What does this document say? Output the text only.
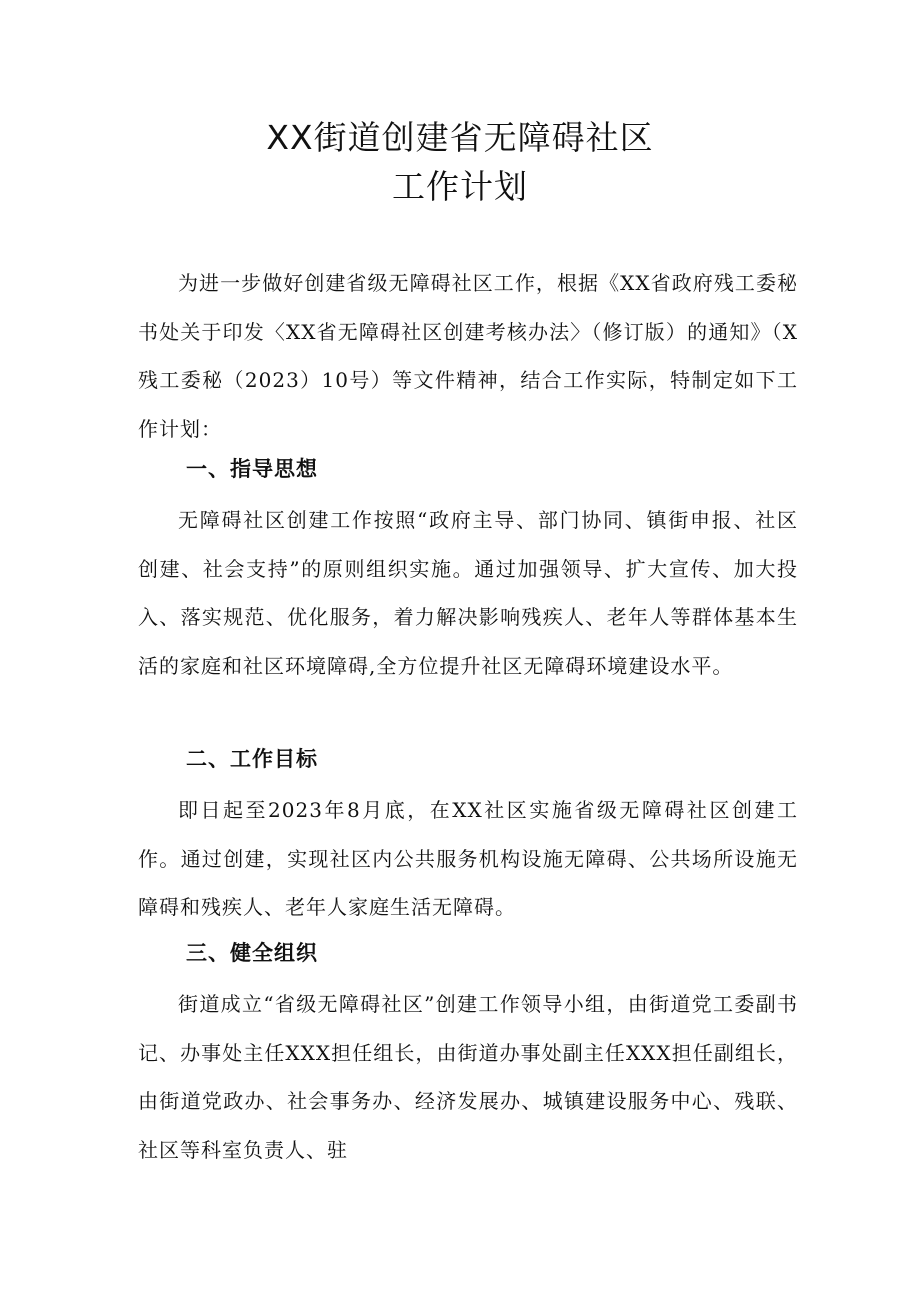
XX街道创建省无障碍社区
工作计划

为进一步做好创建省级无障碍社区工作，根据《XX省政府残工委秘书处关于印发〈XX省无障碍社区创建考核办法〉（修订版）的通知》（X残工委秘（2023）10号）等文件精神，结合工作实际，特制定如下工作计划：

一、指导思想

无障碍社区创建工作按照“政府主导、部门协同、镇街申报、社区创建、社会支持”的原则组织实施。通过加强领导、扩大宣传、加大投入、落实规范、优化服务，着力解决影响残疾人、老年人等群体基本生活的家庭和社区环境障碍,全方位提升社区无障碍环境建设水平。

二、工作目标

即日起至2023年8月底，在XX社区实施省级无障碍社区创建工作。通过创建，实现社区内公共服务机构设施无障碍、公共场所设施无障碍和残疾人、老年人家庭生活无障碍。

三、健全组织

街道成立“省级无障碍社区”创建工作领导小组，由街道党工委副书记、办事处主任XXX担任组长，由街道办事处副主任XXX担任副组长，由街道党政办、社会事务办、经济发展办、城镇建设服务中心、残联、社区等科室负责人、驻
